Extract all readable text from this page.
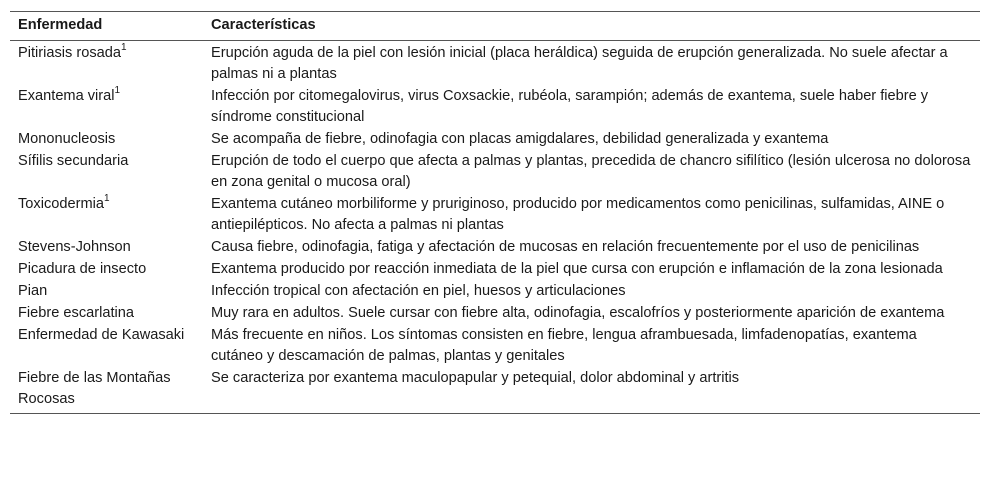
Enfermedad	Características
Pitiriasis rosada$^1$	Erupción aguda de la piel con lesión inicial (placa heráldica) seguida de erupción generalizada. No suele afectar a palmas ni a plantas
Exantema viral$^1$	Infección por citomegalovirus, virus Coxsackie, rubéola, sarampión; además de exantema, suele haber fiebre y síndrome constitucional
Mononucleosis	Se acompaña de fiebre, odinofagia con placas amigdalares, debilidad generalizada y exantema
Sífilis secundaria	Erupción de todo el cuerpo que afecta a palmas y plantas, precedida de chancro sifilítico (lesión ulcerosa no dolorosa en zona genital o mucosa oral)
Toxicodermia$^1$	Exantema cutáneo morbiliforme y pruriginoso, producido por medicamentos como penicilinas, sulfamidas, AINE o antiepilépticos. No afecta a palmas ni plantas
Stevens-Johnson	Causa fiebre, odinofagia, fatiga y afectación de mucosas en relación frecuentemente por el uso de penicilinas
Picadura de insecto	Exantema producido por reacción inmediata de la piel que cursa con erupción e inflamación de la zona lesionada
Pian	Infección tropical con afectación en piel, huesos y articulaciones
Fiebre escarlatina	Muy rara en adultos. Suele cursar con fiebre alta, odinofagia, escalofríos y posteriormente aparición de exantema
Enfermedad de Kawasaki	Más frecuente en niños. Los síntomas consisten en fiebre, lengua aframbuesada, limfadenopatías, exantema cutáneo y descamación de palmas, plantas y genitales
Fiebre de las Montañas Rocosas	Se caracteriza por exantema maculopapular y petequial, dolor abdominal y artritis
